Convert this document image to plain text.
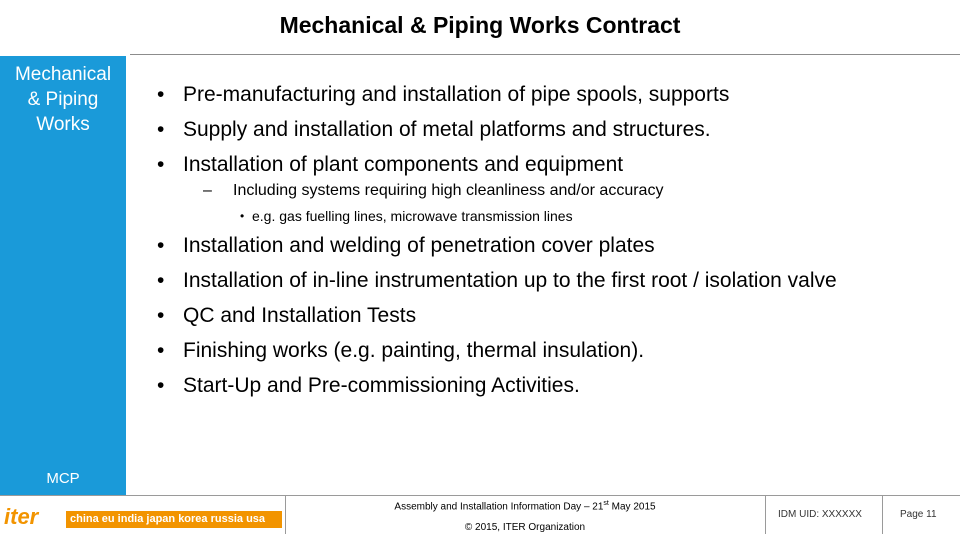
Mechanical & Piping Works Contract
Mechanical
& Piping
Works
MCP
• Pre-manufacturing and installation of pipe spools, supports
• Supply and installation of metal platforms and structures.
• Installation of plant components and equipment
– Including systems requiring high cleanliness and/or accuracy
• e.g. gas fuelling lines, microwave transmission lines
• Installation and welding of penetration cover plates
• Installation of in-line instrumentation up to the first root / isolation valve
• QC and Installation Tests
• Finishing works (e.g. painting, thermal insulation).
• Start-Up and Pre-commissioning Activities.
iter	china eu india japan korea russia usa
Assembly and Installation Information Day – 21st May 2015
© 2015, ITER Organization
IDM UID: XXXXXX	Page 11
